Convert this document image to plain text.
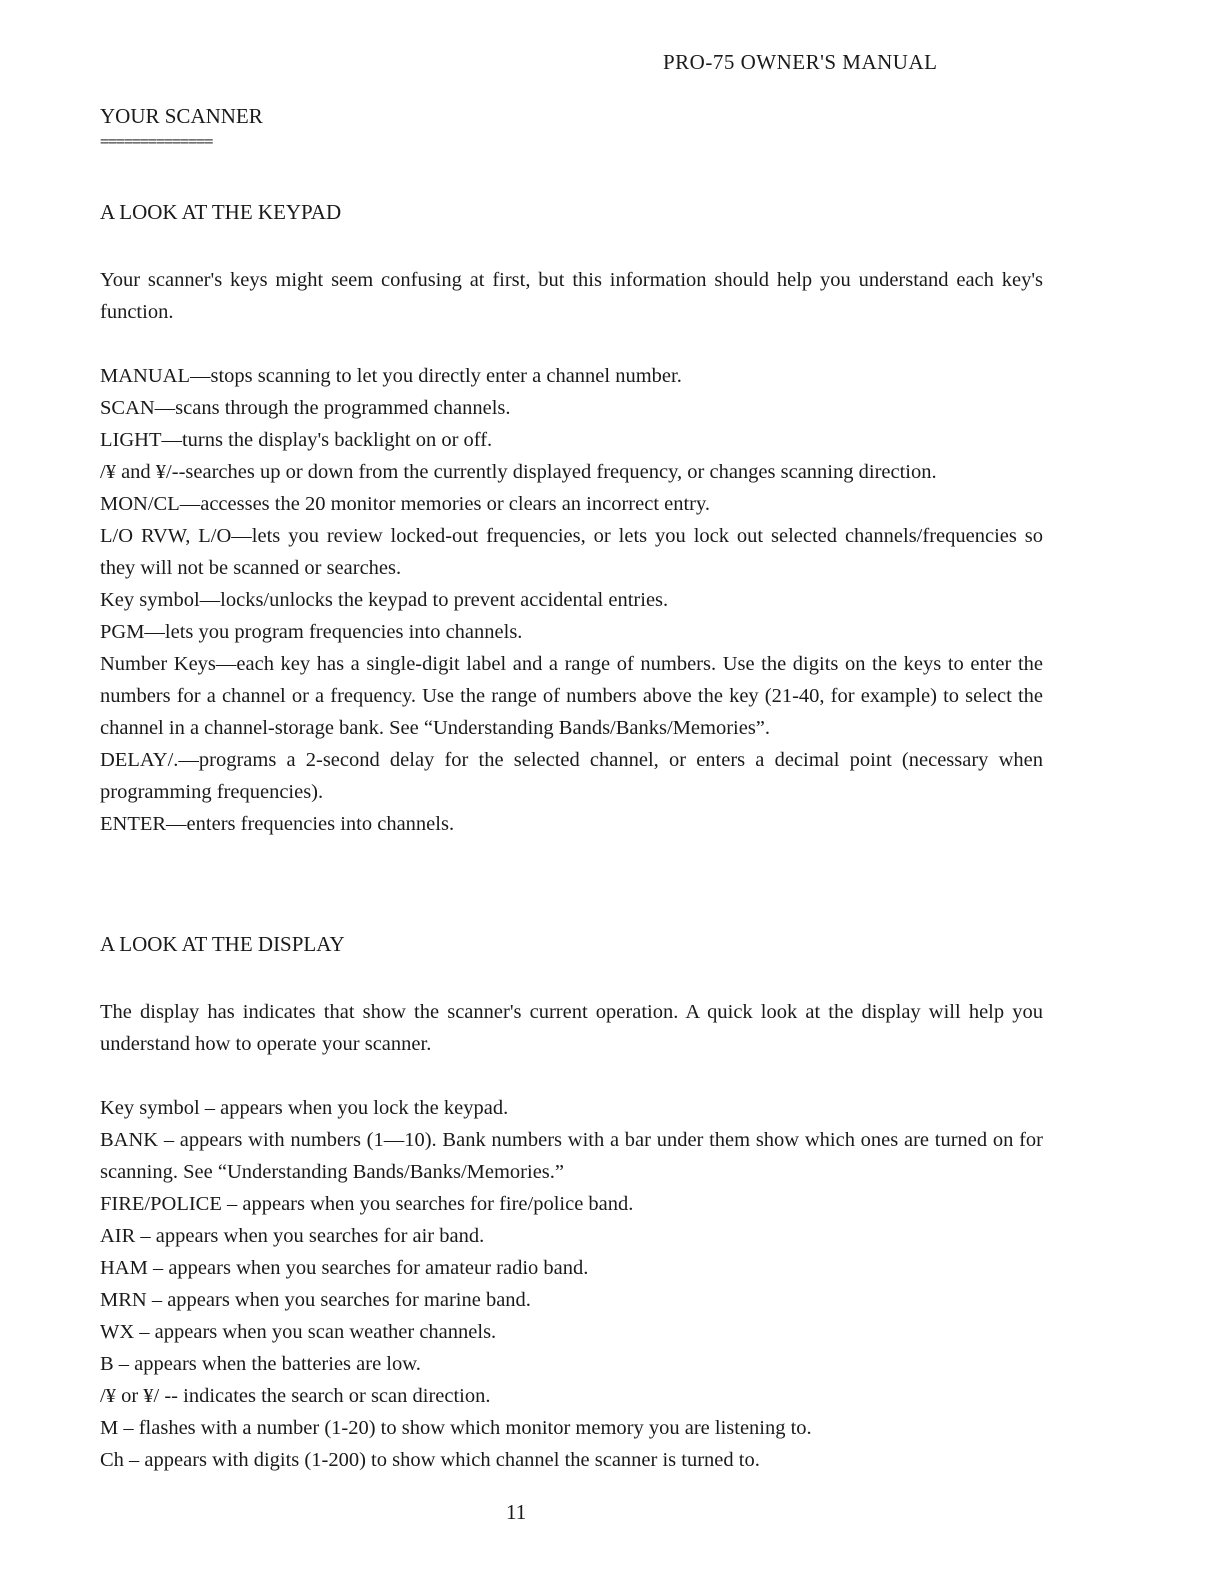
PRO-75 OWNER'S MANUAL
YOUR SCANNER
==============
A LOOK AT THE KEYPAD
Your scanner's keys might seem confusing at first, but this information should help you understand each key's function.
MANUAL—stops scanning to let you directly enter a channel number.
SCAN—scans through the programmed channels.
LIGHT—turns the display's backlight on or off.
/¥ and ¥/--searches up or down from the currently displayed frequency, or changes scanning direction.
MON/CL—accesses the 20 monitor memories or clears an incorrect entry.
L/O RVW, L/O—lets you review locked-out frequencies, or lets you lock out selected channels/frequencies so they will not be scanned or searches.
Key symbol—locks/unlocks the keypad to prevent accidental entries.
PGM—lets you program frequencies into channels.
Number Keys—each key has a single-digit label and a range of numbers. Use the digits on the keys to enter the numbers for a channel or a frequency. Use the range of numbers above the key (21-40, for example) to select the channel in a channel-storage bank. See “Understanding Bands/Banks/Memories”.
DELAY/.—programs a 2-second delay for the selected channel, or enters a decimal point (necessary when programming frequencies).
ENTER—enters frequencies into channels.
A LOOK AT THE DISPLAY
The display has indicates that show the scanner's current operation. A quick look at the display will help you understand how to operate your scanner.
Key symbol – appears when you lock the keypad.
BANK – appears with numbers (1—10). Bank numbers with a bar under them show which ones are turned on for scanning. See “Understanding Bands/Banks/Memories.”
FIRE/POLICE – appears when you searches for fire/police band.
AIR – appears when you searches for air band.
HAM – appears when you searches for amateur radio band.
MRN – appears when you searches for marine band.
WX – appears when you scan weather channels.
B – appears when the batteries are low.
/¥ or ¥/ -- indicates the search or scan direction.
M – flashes with a number (1-20) to show which monitor memory you are listening to.
Ch – appears with digits (1-200) to show which channel the scanner is turned to.
11
